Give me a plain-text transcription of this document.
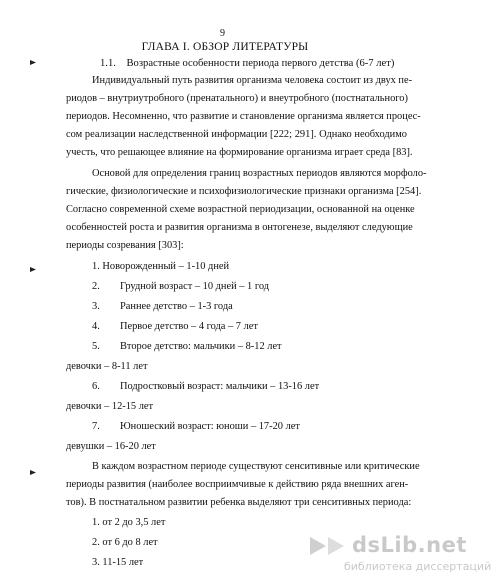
9
ГЛАВА I. ОБЗОР ЛИТЕРАТУРЫ
1.1. Возрастные особенности периода первого детства (6-7 лет)
Индивидуальный путь развития организма человека состоит из двух пе-
риодов – внутриутробного (пренатального) и внеутробного (постнатального)
периодов. Несомненно, что развитие и становление организма является процес-
сом реализации наследственной информации [222; 291]. Однако необходимо
учесть, что решающее влияние на формирование организма играет среда [83].
Основой для определения границ возрастных периодов являются морфоло-
гические, физиологические и психофизиологические признаки организма [254].
Согласно современной схеме возрастной периодизации, основанной на оценке
особенностей роста и развития организма в онтогенезе, выделяют следующие
периоды созревания [303]:
1. Новорожденный – 1-10 дней
2. Грудной возраст – 10 дней – 1 год
3. Раннее детство – 1-3 года
4. Первое детство – 4 года – 7 лет
5. Второе детство: мальчики – 8-12 лет
девочки – 8-11 лет
6. Подростковый возраст: мальчики – 13-16 лет
девочки – 12-15 лет
7. Юношеский возраст: юноши – 17-20 лет
девушки – 16-20 лет
В каждом возрастном периоде существуют сенситивные или критические
периоды развития (наиболее восприимчивые к действию ряда внешних аген-
тов). В постнатальном развитии ребенка выделяют три сенситивных периода:
1. от 2 до 3,5 лет
2. от 6 до 8 лет
3. 11-15 лет
dsLib.net
библиотека диссертаций
